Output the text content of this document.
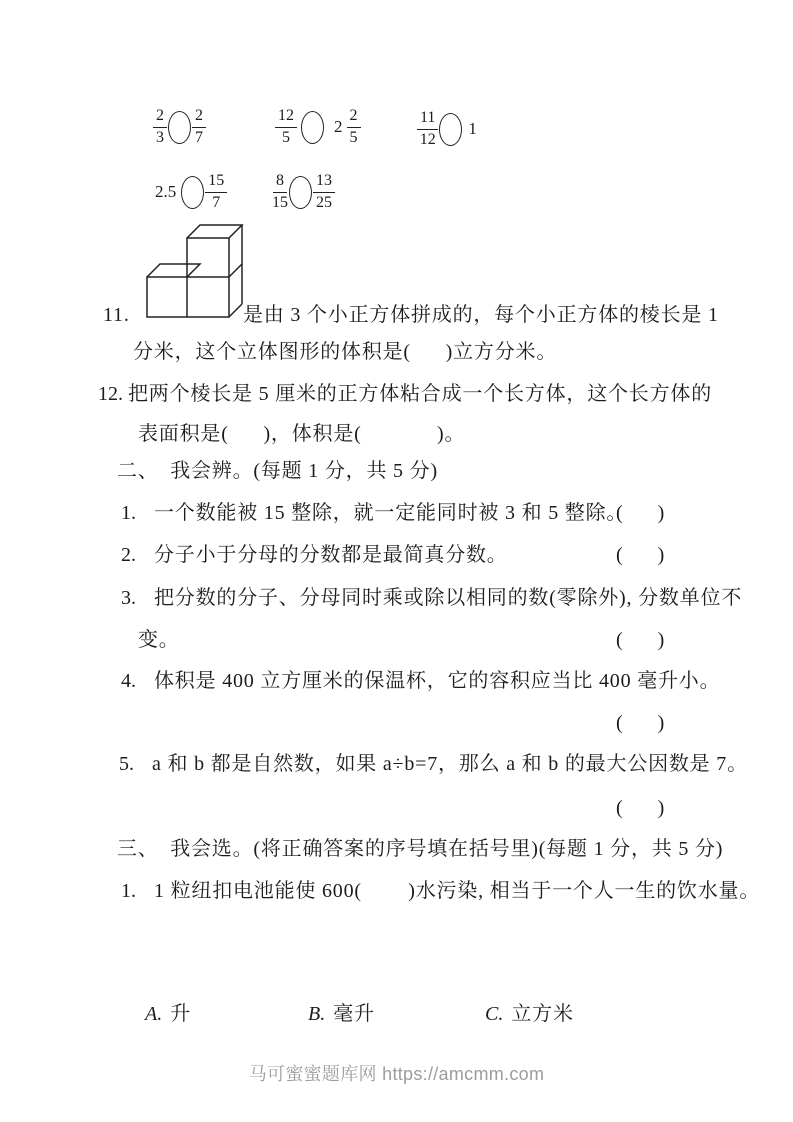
$\frac{2}{3} \frac{2}{7}$	$\frac{12}{5} 2 \frac{2}{5}$	$\frac{11}{12} 1$
$2.5 \frac{15}{7}$	$\frac{8}{15} \frac{13}{25}$
11.	是由 3 个小正方体拼成的，每个小正方体的棱长是 1
分米，这个立体图形的体积是(      )立方分米。
12. 把两个棱长是 5 厘米的正方体粘合成一个长方体，这个长方体的
表面积是(      )，体积是(             )。
二、  我会辨。(每题 1 分，共 5 分)
1. 一个数能被 15 整除，就一定能同时被 3 和 5 整除。
(       )
2. 分子小于分母的分数都是最简真分数。	(       )
3. 把分数的分子、分母同时乘或除以相同的数(零除外), 分数单位不
变。	(       )
4. 体积是 400 立方厘米的保温杯，它的容积应当比 400 毫升小。
(       )
5. a 和 b 都是自然数，如果 a÷b=7，那么 a 和 b 的最大公因数是 7。
(       )
三、  我会选。(将正确答案的序号填在括号里)(每题 1 分，共 5 分)
1. 1 粒纽扣电池能使 600(        )水污染, 相当于一个人一生的饮水量。
A. 升	B. 毫升	C. 立方米
马可蜜蜜题库网 https://amcmm.com
